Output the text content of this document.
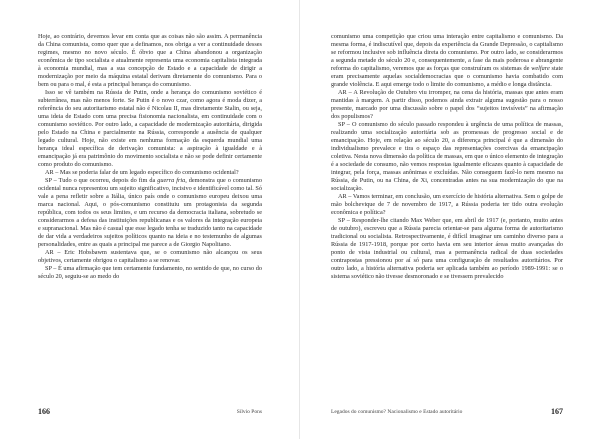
Hoje, ao contrário, devemos levar em conta que as coisas não são assim. A permanência da China comunista, como quer que a definamos, nos obriga a ver a continuidade desses regimes, mesmo no novo século. É óbvio que a China abandonou a organização econômica de tipo socialista e atualmente representa uma economia capitalista integrada à economia mundial, mas a sua concepção de Estado e a capacidade de dirigir a modernização por meio da máquina estatal derivam diretamente do comunismo. Para o bem ou para o mal, é esta a principal herança do comunismo.

Isso se vê também na Rússia de Putin, onde a herança do comunismo soviético é subterrânea, mas não menos forte. Se Putin é o novo czar, como agora é moda dizer, a referência do seu autoritarismo estatal não é Nicolau II, mas diretamente Stalin, ou seja, uma ideia de Estado com uma precisa fisionomia nacionalista, em continuidade com o comunismo soviético. Por outro lado, a capacidade de modernização autoritária, dirigida pelo Estado na China e parcialmente na Rússia, corresponde a ausência de qualquer legado cultural. Hoje, não existe em nenhuma formação da esquerda mundial uma herança ideal específica de derivação comunista: a aspiração à igualdade e à emancipação já era patrimônio do movimento socialista e não se pode definir certamente como produto do comunismo.

AR – Mas se poderia falar de um legado específico do comunismo ocidental?

SP – Tudo o que ocorreu, depois do fim da guerra fria, demonstra que o comunismo ocidental nunca representou um sujeito significativo, incisivo e identificável como tal. Só vale a pena refletir sobre a Itália, único país onde o comunismo europeu deixou uma marca nacional. Aqui, o pós-comunismo constituiu um protagonista da segunda república, com todos os seus limites, e um recurso da democracia italiana, sobretudo se considerarmos a defesa das instituições republicanas e os valores da integração europeia e supranacional. Mas não é casual que esse legado tenha se traduzido tanto na capacidade de dar vida a verdadeiros sujeitos políticos quanto na ideia e no testemunho de algumas personalidades, entre as quais a principal me parece a de Giorgio Napolitano.

AR – Eric Hobsbawm sustentava que, se o comunismo não alcançou os seus objetivos, certamente obrigou o capitalismo a se renovar.

SP – É uma afirmação que tem certamente fundamento, no sentido de que, no curso do século 20, seguiu-se ao medo do

166	Sílvio Pons

comunismo uma competição que criou uma interação entre capitalismo e comunismo. Da mesma forma, é indiscutível que, depois da experiência da Grande Depressão, o capitalismo se reformou inclusive sob influência direta do comunismo. Por outro lado, se considerarmos a segunda metade do século 20 e, consequentemente, a fase da mais poderosa e abrangente reforma do capitalismo, veremos que as forças que construíram os sistemas de welfare state eram precisamente aquelas socialdemocracias que o comunismo havia combatido com grande violência. E aqui emerge todo o limite do comunismo, a médio e longa distância.

AR – A Revolução de Outubro viu irromper, na cena da história, massas que antes eram mantidas à margem. A partir disso, podemos ainda extrair alguma sugestão para o nosso presente, marcado por uma discussão sobre o papel dos “sujeitos invisíveis” na afirmação dos populismos?

SP – O comunismo do século passado respondeu à urgência de uma política de massas, realizando uma socialização autoritária sob as promessas de progresso social e de emancipação. Hoje, em relação ao século 20, a diferença principal é que a dimensão do individualismo prevalece e tira o espaço das representações coercivas da emancipação coletiva. Nesta nova dimensão da política de massas, em que o único elemento de integração é a sociedade de consumo, não vemos respostas igualmente eficazes quanto à capacidade de integrar, pela força, massas anônimas e excluídas. Não conseguem fazê-lo nem mesmo na Rússia, de Putin, ou na China, de Xi, concentradas antes na sua modernização do que na socialização.

AR – Vamos terminar, em conclusão, um exercício de história alternativa. Sem o golpe de mão bolchevique de 7 de novembro de 1917, a Rússia poderia ter tido outra evolução econômica e política?

SP – Responder-lhe citando Max Weber que, em abril de 1917 (e, portanto, muito antes de outubro), escreveu que a Rússia parecia orientar-se para alguma forma de autoritarismo tradicional ou socialista. Retrospectivamente, é difícil imaginar um caminho diverso para a Rússia de 1917-1918, porque por certo havia em seu interior áreas muito avançadas do ponto de vista industrial ou cultural, mas a permanência radical de duas sociedades contrapostas pressionou por aí só para uma configuração de resultados autoritários. Por outro lado, a história alternativa poderia ser aplicada também ao período 1989-1991: se o sistema soviético não tivesse desmoronado e se tivessem prevalecido

Legados do comunismo? Nacionalismo e Estado autoritário	167
